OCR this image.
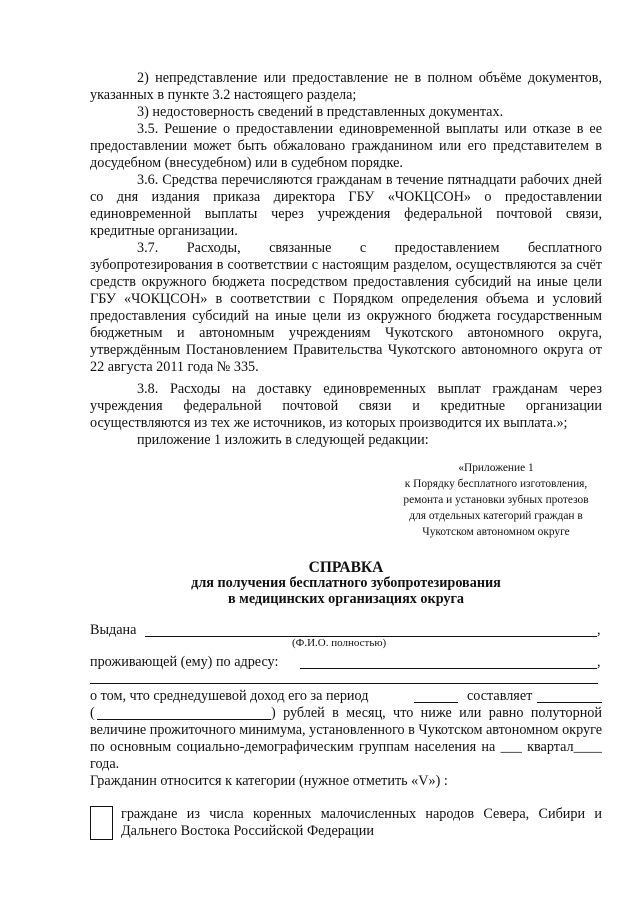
2) непредставление или предоставление не в полном объёме документов, указанных в пункте 3.2 настоящего раздела;
3) недостоверность сведений в представленных документах.
3.5. Решение о предоставлении единовременной выплаты или отказе в ее предоставлении может быть обжаловано гражданином или его представителем в досудебном (внесудебном) или в судебном порядке.
3.6. Средства перечисляются гражданам в течение пятнадцати рабочих дней со дня издания приказа директора ГБУ «ЧОКЦСОН» о предоставлении единовременной выплаты через учреждения федеральной почтовой связи, кредитные организации.
3.7. Расходы, связанные с предоставлением бесплатного зубопротезирования в соответствии с настоящим разделом, осуществляются за счёт средств окружного бюджета посредством предоставления субсидий на иные цели ГБУ «ЧОКЦСОН» в соответствии с Порядком определения объема и условий предоставления субсидий на иные цели из окружного бюджета государственным бюджетным и автономным учреждениям Чукотского автономного округа, утверждённым Постановлением Правительства Чукотского автономного округа от 22 августа 2011 года № 335.
3.8. Расходы на доставку единовременных выплат гражданам через учреждения федеральной почтовой связи и кредитные организации осуществляются из тех же источников, из которых производится их выплата.»;
приложение 1 изложить в следующей редакции:
«Приложение 1
к Порядку бесплатного изготовления,
ремонта и установки зубных протезов
для отдельных категорий граждан в
Чукотском автономном округе
СПРАВКА
для получения бесплатного зубопротезирования
в медицинских организациях округа
Выдана	,
(Ф.И.О. полностью)
проживающей (ему) по адресу:	,
о том, что среднедушевой доход его за период	составляет
(	) рублей в месяц, что ниже или равно полуторной
величине прожиточного минимума, установленного в Чукотском автономном округе по основным социально-демографическим группам населения на ___ квартал____ года.
Гражданин относится к категории (нужное отметить «V») :
граждане из числа коренных малочисленных народов Севера, Сибири и Дальнего Востока Российской Федерации
